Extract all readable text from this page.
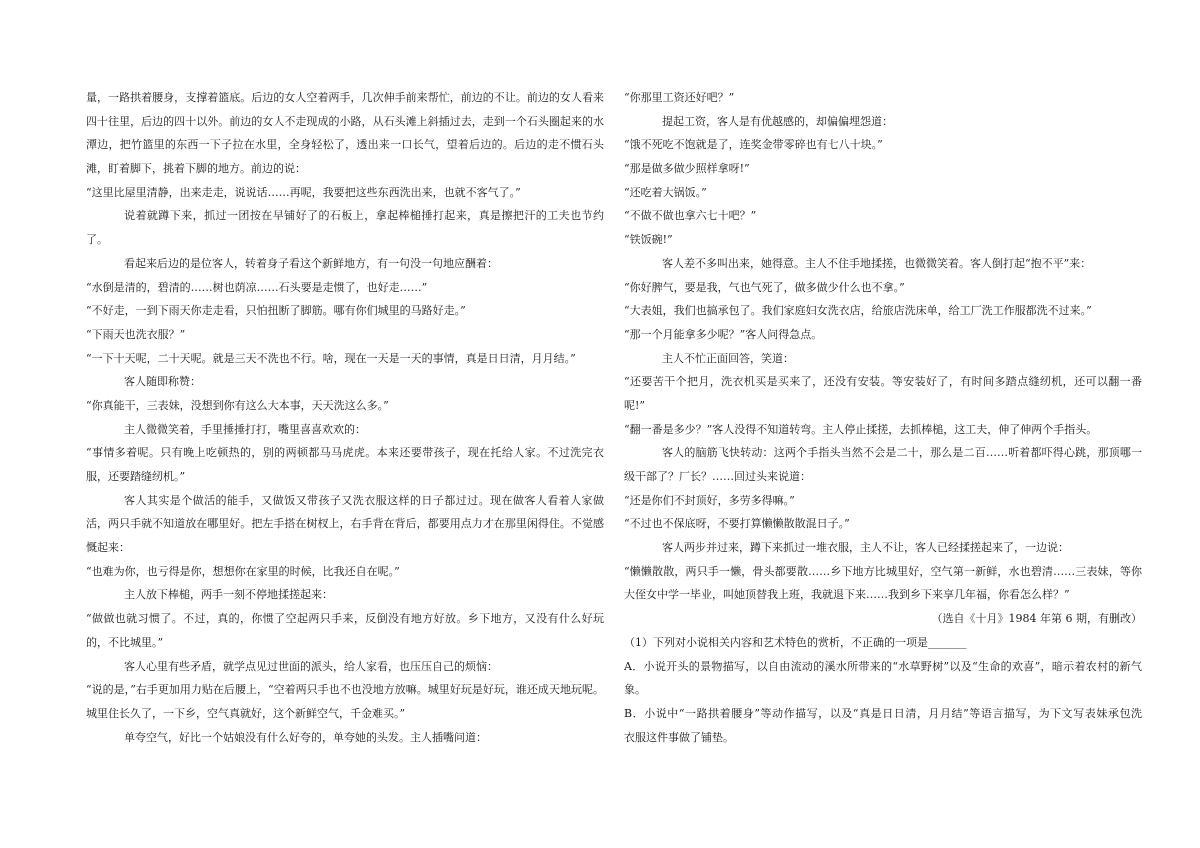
量，一路拱着腰身，支撑着篮底。后边的女人空着两手，几次伸手前来帮忙，前边的不让。前边的女人看来
四十往里，后边的四十以外。前边的女人不走现成的小路，从石头滩上斜插过去，走到一个石头圈起来的水
潭边，把竹篮里的东西一下子拉在水里，全身轻松了，透出来一口长气，望着后边的。后边的走不惯石头
滩，盯着脚下，挑着下脚的地方。前边的说：
“这里比屋里清静，出来走走，说说话……再呢，我要把这些东西洗出来，也就不客气了。”
说着就蹲下来，抓过一团按在早铺好了的石板上，拿起棒槌捶打起来，真是擦把汗的工夫也节约
了。
看起来后边的是位客人，转着身子看这个新鲜地方，有一句没一句地应酬着：
“水倒是清的，碧清的……树也荫凉……石头要是走惯了，也好走……”
“不好走，一到下雨天你走走看，只怕扭断了脚筋。哪有你们城里的马路好走。”
“下雨天也洗衣服？”
“一下十天呢，二十天呢。就是三天不洗也不行。啥，现在一天是一天的事情，真是日日清，月月结。”
客人随即称赞：
“你真能干，三表妹，没想到你有这么大本事，天天洗这么多。”
主人微微笑着，手里捶捶打打，嘴里喜喜欢欢的：
“事情多着呢。只有晚上吃顿热的，别的两顿都马马虎虎。本来还要带孩子，现在托给人家。不过洗完衣
服，还要踏缝纫机。”
客人其实是个做活的能手，又做饭又带孩子又洗衣服这样的日子都过过。现在做客人看着人家做
活，两只手就不知道放在哪里好。把左手搭在树杈上，右手背在背后，都要用点力才在那里闲得住。不觉感
慨起来：
“也难为你，也亏得是你，想想你在家里的时候，比我还自在呢。”
主人放下棒槌，两手一刻不停地揉搓起来：
“做做也就习惯了。不过，真的，你惯了空起两只手来，反倒没有地方好放。乡下地方，又没有什么好玩
的，不比城里。”
客人心里有些矛盾，就学点见过世面的派头，给人家看，也压压自己的烦恼：
“说的是，”右手更加用力贴在后腰上，“空着两只手也不也没地方放嘛。城里好玩是好玩，谁还成天地玩呢。
城里住长久了，一下乡，空气真就好，这个新鲜空气，千金难买。”
单夸空气，好比一个姑娘没有什么好夸的，单夸她的头发。主人插嘴问道：
“你那里工资还好吧？”
提起工资，客人是有优越感的，却偏偏埋怨道：
“饿不死吃不饱就是了，连奖金带零碎也有七八十块。”
“那是做多做少照样拿呀!”
“还吃着大锅饭。”
“不做不做也拿六七十吧？”
“铁饭碗!”
客人差不多叫出来，她得意。主人不住手地揉搓，也微微笑着。客人倒打起“抱不平”来：
“你好脾气，要是我，气也气死了，做多做少什么也不拿。”
“大表姐，我们也搞承包了。我们家庭妇女洗衣店，给旅店洗床单，给工厂洗工作服都洗不过来。”
“那一个月能拿多少呢？”客人问得急点。
主人不忙正面回答，笑道：
“还要苦干个把月，洗衣机买是买来了，还没有安装。等安装好了，有时间多踏点缝纫机，还可以翻一番
呢!”
“翻一番是多少？”客人没得不知道转弯。主人停止揉搓，去抓棒槌，这工夫，伸了伸两个手指头。
客人的脑筋飞快转动：这两个手指头当然不会是二十，那么是二百……听着都吓得心跳，那顶哪一
级干部了？厂长？……回过头来说道：
“还是你们不封顶好，多劳多得嘛。”
“不过也不保底呀，不要打算懒懒散散混日子。”
客人两步并过来，蹲下来抓过一堆衣服，主人不让，客人已经揉搓起来了，一边说：
“懒懒散散，两只手一懒，骨头都要散……乡下地方比城里好，空气第一新鲜，水也碧清……三表妹，等你
大侄女中学一毕业，叫她顶替我上班，我就退下来……我到乡下来享几年福，你看怎么样？”
（选自《十月》1984 年第 6 期，有删改）
（1）下列对小说相关内容和艺术特色的赏析，不正确的一项是_______
A．小说开头的景物描写，以自由流动的溪水所带来的“水草野树”以及“生命的欢喜”，暗示着农村的新气
象。
B．小说中“一路拱着腰身”等动作描写，以及“真是日日清，月月结”等语言描写，为下文写表妹承包洗
衣服这件事做了铺垫。
